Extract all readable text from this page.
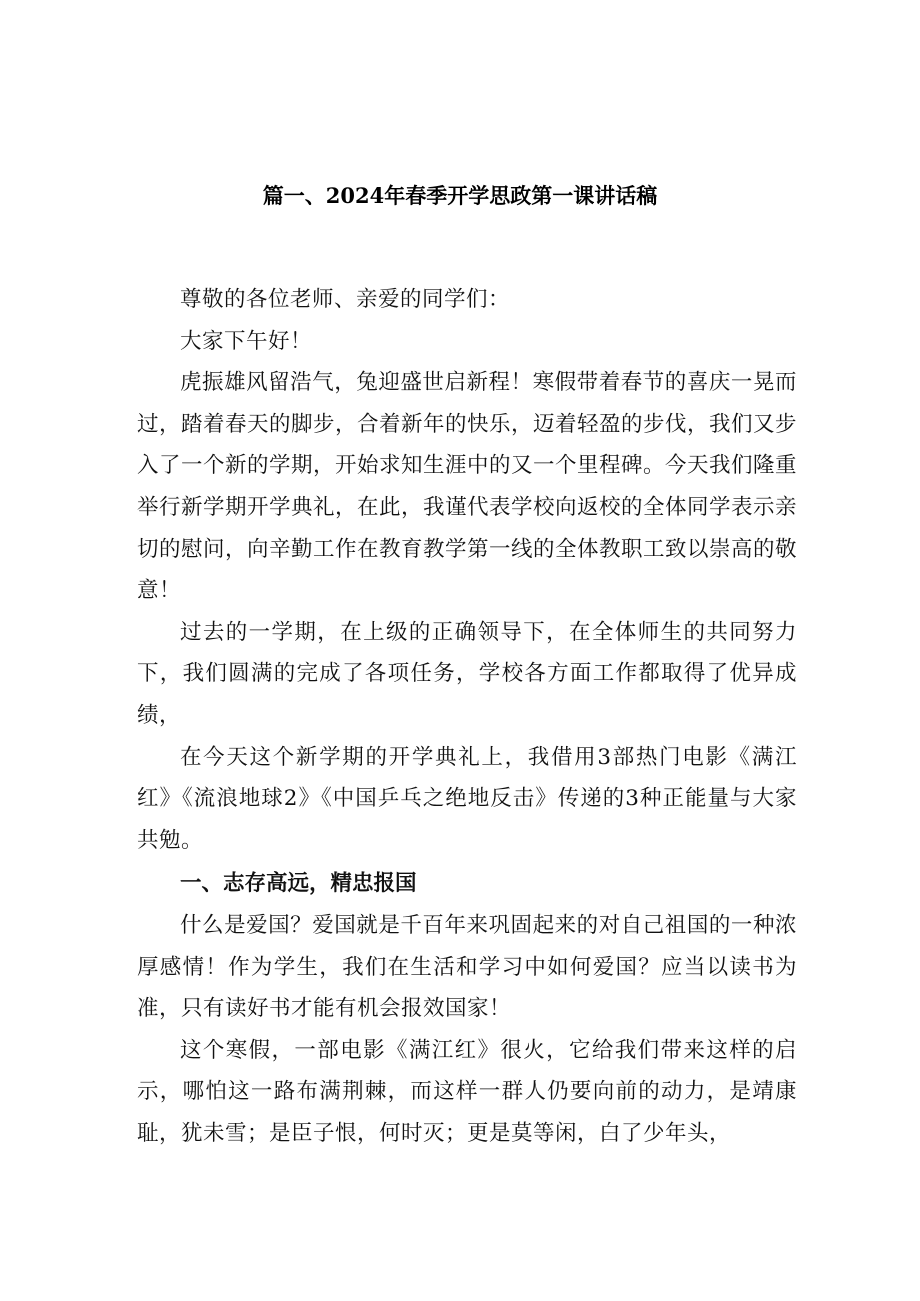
篇一、2024年春季开学思政第一课讲话稿

尊敬的各位老师、亲爱的同学们：

大家下午好！

虎振雄风留浩气，兔迎盛世启新程！寒假带着春节的喜庆一晃而过，踏着春天的脚步，合着新年的快乐，迈着轻盈的步伐，我们又步入了一个新的学期，开始求知生涯中的又一个里程碑。今天我们隆重举行新学期开学典礼，在此，我谨代表学校向返校的全体同学表示亲切的慰问，向辛勤工作在教育教学第一线的全体教职工致以崇高的敬意！

过去的一学期，在上级的正确领导下，在全体师生的共同努力下，我们圆满的完成了各项任务，学校各方面工作都取得了优异成绩，

在今天这个新学期的开学典礼上，我借用3部热门电影《满江红》《流浪地球2》《中国乒乓之绝地反击》传递的3种正能量与大家共勉。

一、志存高远，精忠报国

什么是爱国？爱国就是千百年来巩固起来的对自己祖国的一种浓厚感情！作为学生，我们在生活和学习中如何爱国？应当以读书为准，只有读好书才能有机会报效国家！

这个寒假，一部电影《满江红》很火，它给我们带来这样的启示，哪怕这一路布满荆棘，而这样一群人仍要向前的动力，是靖康耻，犹未雪；是臣子恨，何时灭；更是莫等闲，白了少年头，
